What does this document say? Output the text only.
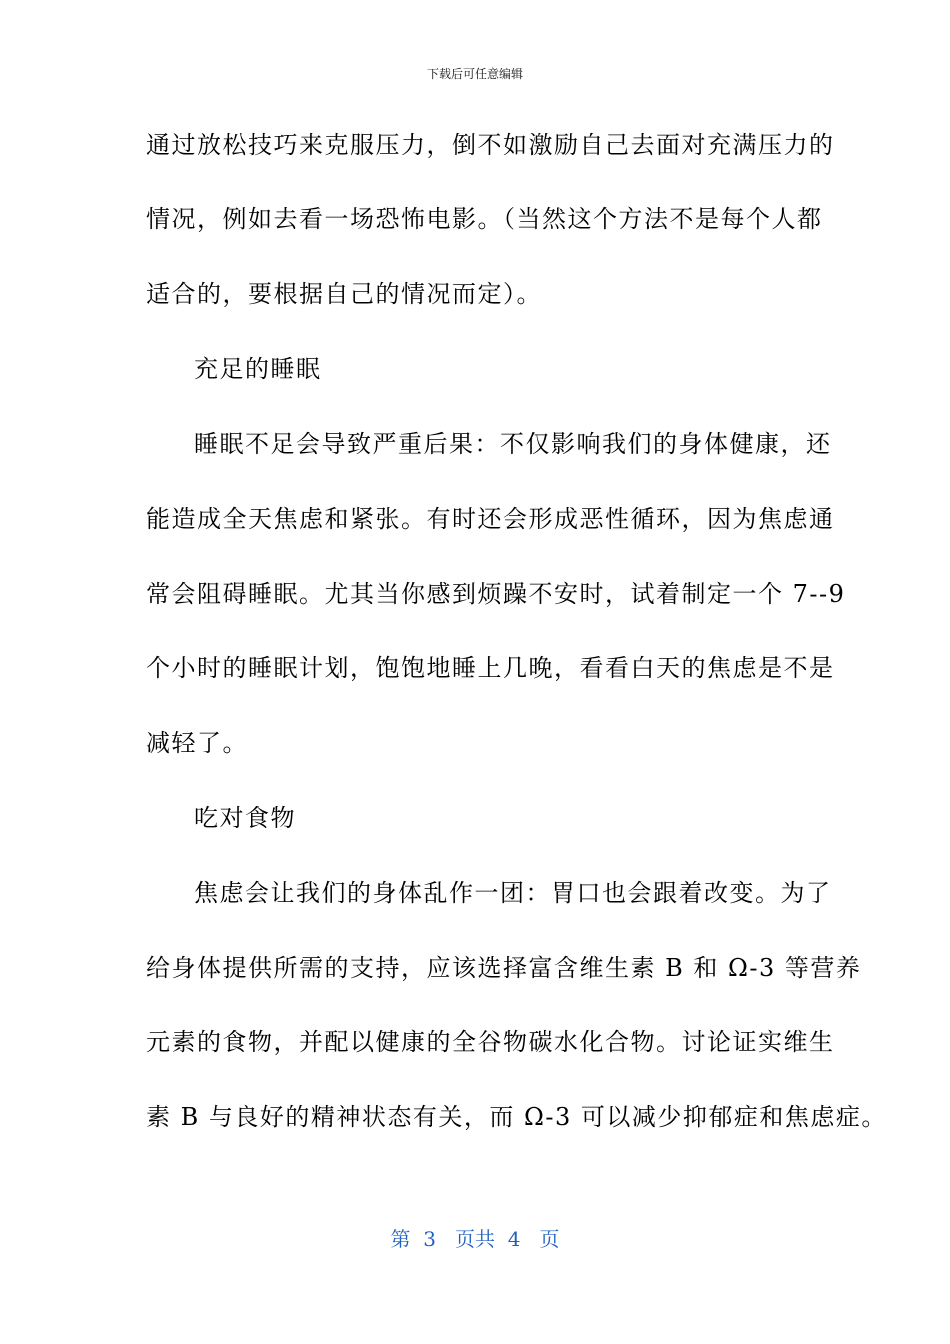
下载后可任意编辑
通过放松技巧来克服压力，倒不如激励自己去面对充满压力的
情况，例如去看一场恐怖电影。（当然这个方法不是每个人都
适合的，要根据自己的情况而定）。
充足的睡眠
睡眠不足会导致严重后果：不仅影响我们的身体健康，还
能造成全天焦虑和紧张。有时还会形成恶性循环，因为焦虑通
常会阻碍睡眠。尤其当你感到烦躁不安时，试着制定一个 7--9
个小时的睡眠计划，饱饱地睡上几晚，看看白天的焦虑是不是
减轻了。
吃对食物
焦虑会让我们的身体乱作一团：胃口也会跟着改变。为了
给身体提供所需的支持，应该选择富含维生素 B 和 Ω-3 等营养
元素的食物，并配以健康的全谷物碳水化合物。讨论证实维生
素 B 与良好的精神状态有关，而 Ω-3 可以减少抑郁症和焦虑症。
第  3   页共  4   页
